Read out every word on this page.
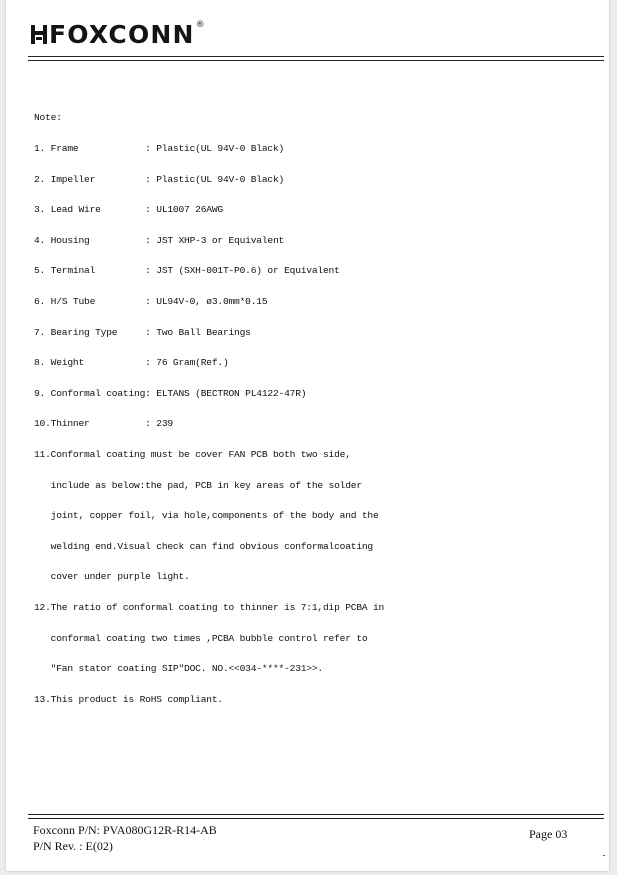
FOXCONN ®

Note:

1. Frame            : Plastic(UL 94V-0 Black)

2. Impeller         : Plastic(UL 94V-0 Black)

3. Lead Wire        : UL1007 26AWG

4. Housing          : JST XHP-3 or Equivalent

5. Terminal         : JST (SXH-001T-P0.6) or Equivalent

6. H/S Tube         : UL94V-0, ø3.0mm*0.15

7. Bearing Type     : Two Ball Bearings

8. Weight           : 76 Gram(Ref.)

9. Conformal coating: ELTANS (BECTRON PL4122-47R)

10.Thinner          : 239

11.Conformal coating must be cover FAN PCB both two side,

include as below:the pad, PCB in key areas of the solder

joint, copper foil, via hole,components of the body and the

welding end.Visual check can find obvious conformalcoating

cover under purple light.

12.The ratio of conformal coating to thinner is 7:1,dip PCBA in

conformal coating two times ,PCBA bubble control refer to

"Fan stator coating SIP"DOC. NO.<<034-****-231>>.

13.This product is RoHS compliant.

Foxconn P/N: PVA080G12R-R14-AB
P/N Rev. : E(02)
Page 03
